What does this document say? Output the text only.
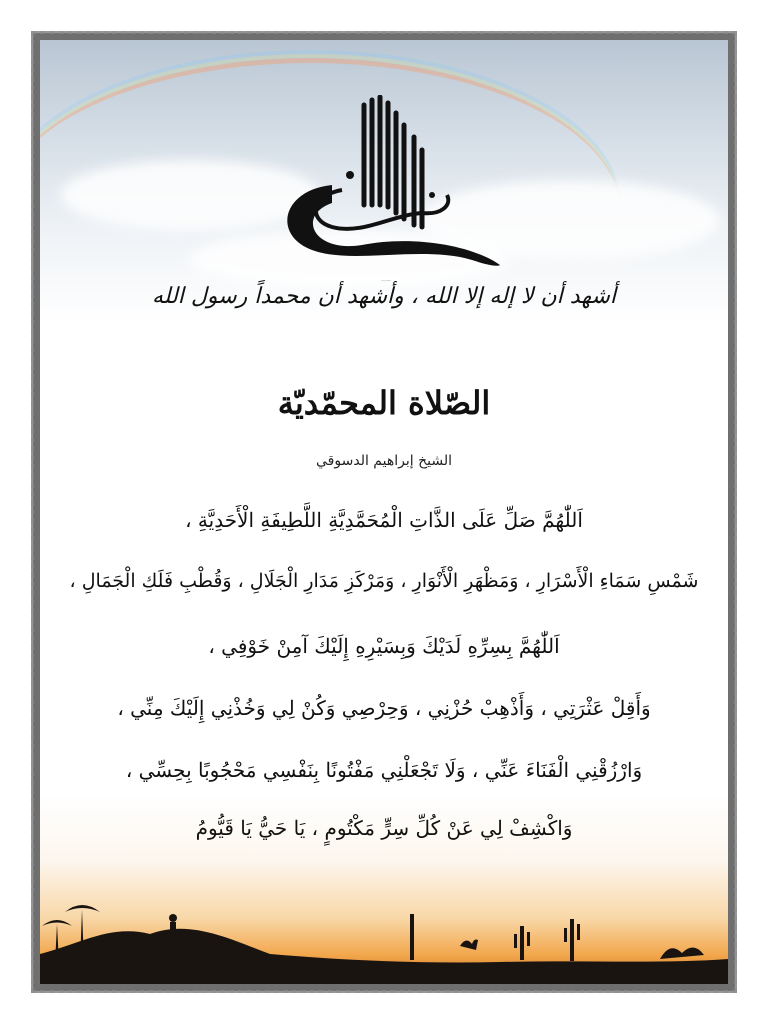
بسم الله الرحمن الرحيم
أشهد أن لا إله إلا الله ، وأشهد أن محمداً رسول الله
الصّلاة المحمّديّة
الشيخ إبراهيم الدسوقي
اَللّٰهُمَّ صَلِّ عَلَى الذَّاتِ الْمُحَمَّدِيَّةِ اللَّطِيفَةِ الْأَحَدِيَّةِ ،
شَمْسِ سَمَاءِ الْأَسْرَارِ ، وَمَظْهَرِ الْأَنْوَارِ ، وَمَرْكَزِ مَدَارِ الْجَلَالِ ، وَقُطْبِ فَلَكِ الْجَمَالِ ،
اَللّٰهُمَّ بِسِرِّهِ لَدَيْكَ وَبِسَيْرِهِ إِلَيْكَ آمِنْ خَوْفِي ،
وَأَقِلْ عَثْرَتِي ، وَأَذْهِبْ حُزْنِي ، وَحِرْصِي وَكُنْ لِي وَخُذْنِي إِلَيْكَ مِنِّي ،
وَارْزُقْنِي الْفَنَاءَ عَنِّي ، وَلَا تَجْعَلْنِي مَفْتُونًا بِنَفْسِي مَحْجُوبًا بِحِسِّي ،
وَاكْشِفْ لِي عَنْ كُلِّ سِرٍّ مَكْتُومٍ ، يَا حَيُّ يَا قَيُّومُ
